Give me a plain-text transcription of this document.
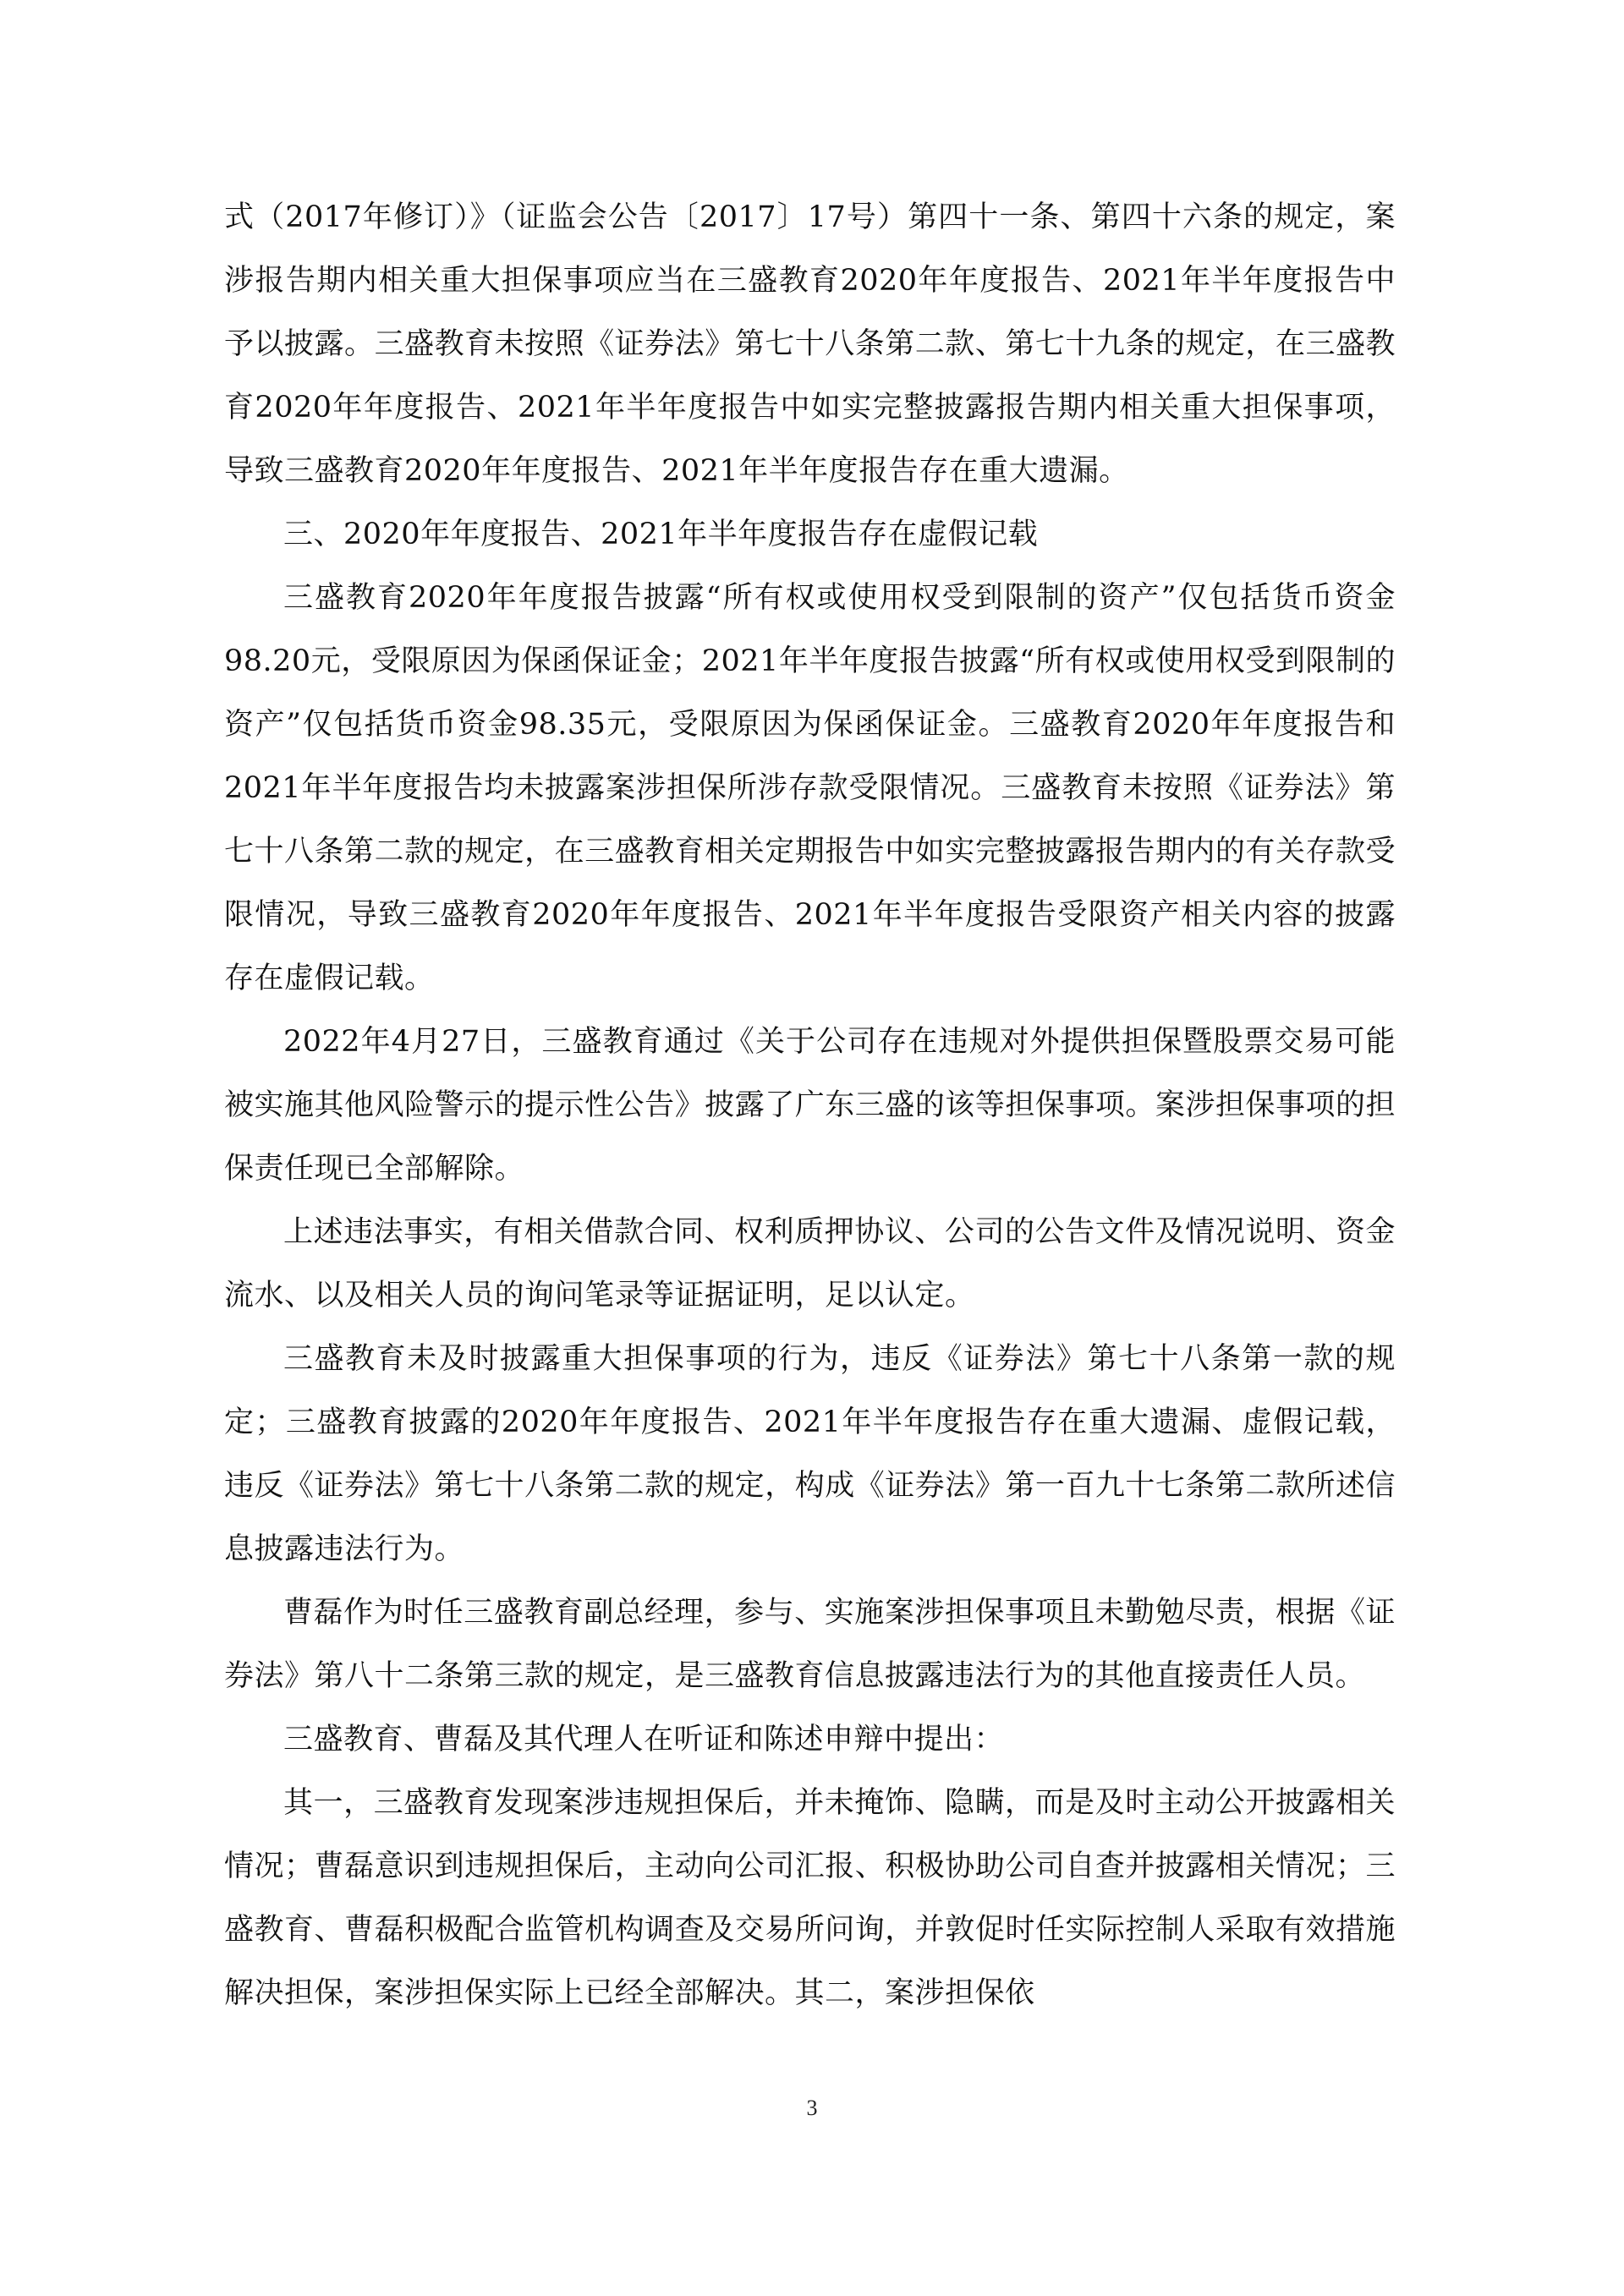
式（2017年修订）》（证监会公告〔2017〕17号）第四十一条、第四十六条的规定，案涉报告期内相关重大担保事项应当在三盛教育2020年年度报告、2021年半年度报告中予以披露。三盛教育未按照《证券法》第七十八条第二款、第七十九条的规定，在三盛教育2020年年度报告、2021年半年度报告中如实完整披露报告期内相关重大担保事项，导致三盛教育2020年年度报告、2021年半年度报告存在重大遗漏。

三、2020年年度报告、2021年半年度报告存在虚假记载

三盛教育2020年年度报告披露“所有权或使用权受到限制的资产”仅包括货币资金98.20元，受限原因为保函保证金；2021年半年度报告披露“所有权或使用权受到限制的资产”仅包括货币资金98.35元，受限原因为保函保证金。三盛教育2020年年度报告和2021年半年度报告均未披露案涉担保所涉存款受限情况。三盛教育未按照《证券法》第七十八条第二款的规定，在三盛教育相关定期报告中如实完整披露报告期内的有关存款受限情况，导致三盛教育2020年年度报告、2021年半年度报告受限资产相关内容的披露存在虚假记载。

2022年4月27日，三盛教育通过《关于公司存在违规对外提供担保暨股票交易可能被实施其他风险警示的提示性公告》披露了广东三盛的该等担保事项。案涉担保事项的担保责任现已全部解除。

上述违法事实，有相关借款合同、权利质押协议、公司的公告文件及情况说明、资金流水、以及相关人员的询问笔录等证据证明，足以认定。

三盛教育未及时披露重大担保事项的行为，违反《证券法》第七十八条第一款的规定；三盛教育披露的2020年年度报告、2021年半年度报告存在重大遗漏、虚假记载，违反《证券法》第七十八条第二款的规定，构成《证券法》第一百九十七条第二款所述信息披露违法行为。

曹磊作为时任三盛教育副总经理，参与、实施案涉担保事项且未勤勉尽责，根据《证券法》第八十二条第三款的规定，是三盛教育信息披露违法行为的其他直接责任人员。

三盛教育、曹磊及其代理人在听证和陈述申辩中提出：

其一，三盛教育发现案涉违规担保后，并未掩饰、隐瞒，而是及时主动公开披露相关情况；曹磊意识到违规担保后，主动向公司汇报、积极协助公司自查并披露相关情况；三盛教育、曹磊积极配合监管机构调查及交易所问询，并敦促时任实际控制人采取有效措施解决担保，案涉担保实际上已经全部解决。其二，案涉担保依

3
